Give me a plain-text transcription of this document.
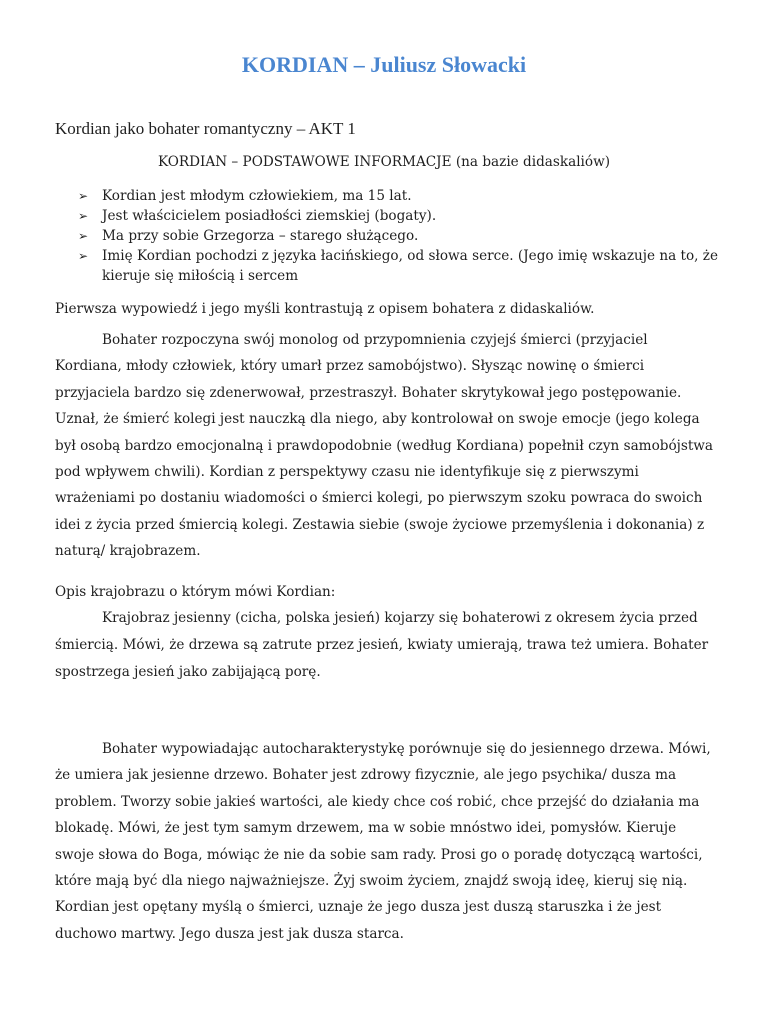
KORDIAN – Juliusz Słowacki
Kordian jako bohater romantyczny – AKT 1

KORDIAN – PODSTAWOWE INFORMACJE (na bazie didaskaliów)

➢ Kordian jest młodym człowiekiem, ma 15 lat.
➢ Jest właścicielem posiadłości ziemskiej (bogaty).
➢ Ma przy sobie Grzegorza – starego służącego.
➢ Imię Kordian pochodzi z języka łacińskiego, od słowa serce. (Jego imię wskazuje na to, że kieruje się miłością i sercem

Pierwsza wypowiedź i jego myśli kontrastują z opisem bohatera z didaskaliów.

Bohater rozpoczyna swój monolog od przypomnienia czyjejś śmierci (przyjaciel Kordiana, młody człowiek, który umarł przez samobójstwo). Słysząc nowinę o śmierci przyjaciela bardzo się zdenerwował, przestraszył. Bohater skrytykował jego postępowanie. Uznał, że śmierć kolegi jest nauczką dla niego, aby kontrolował on swoje emocje (jego kolega był osobą bardzo emocjonalną i prawdopodobnie (według Kordiana) popełnił czyn samobójstwa pod wpływem chwili). Kordian z perspektywy czasu nie identyfikuje się z pierwszymi wrażeniami po dostaniu wiadomości o śmierci kolegi, po pierwszym szoku powraca do swoich idei z życia przed śmiercią kolegi. Zestawia siebie (swoje życiowe przemyślenia i dokonania) z naturą/ krajobrazem.

Opis krajobrazu o którym mówi Kordian:

Krajobraz jesienny (cicha, polska jesień) kojarzy się bohaterowi z okresem życia przed śmiercią. Mówi, że drzewa są zatrute przez jesień, kwiaty umierają, trawa też umiera. Bohater spostrzega jesień jako zabijającą porę.

Bohater wypowiadając autocharakterystykę porównuje się do jesiennego drzewa. Mówi, że umiera jak jesienne drzewo. Bohater jest zdrowy fizycznie, ale jego psychika/ dusza ma problem. Tworzy sobie jakieś wartości, ale kiedy chce coś robić, chce przejść do działania ma blokadę. Mówi, że jest tym samym drzewem, ma w sobie mnóstwo idei, pomysłów. Kieruje swoje słowa do Boga, mówiąc że nie da sobie sam rady. Prosi go o poradę dotyczącą wartości, które mają być dla niego najważniejsze. Żyj swoim życiem, znajdź swoją ideę, kieruj się nią. Kordian jest opętany myślą o śmierci, uznaje że jego dusza jest duszą staruszka i że jest duchowo martwy. Jego dusza jest jak dusza starca.
